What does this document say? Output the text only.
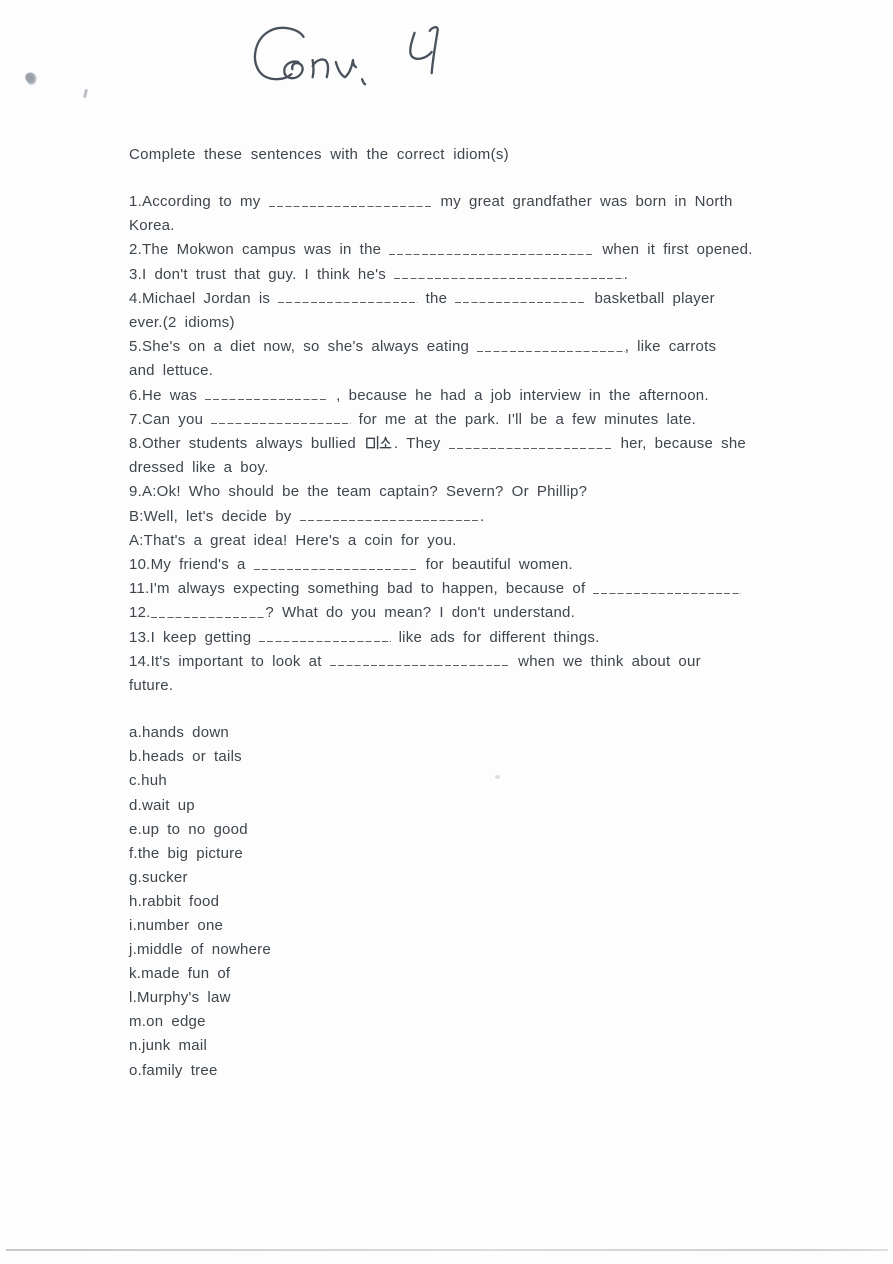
Complete these sentences with the correct idiom(s)

1.According to my	my great grandfather was born in North
Korea.

2.The Mokwon campus was in the	when it first opened.

3.I don't trust that guy. I think he's	.

4.Michael Jordan is	the	basketball player
ever.(2 idioms)

5.She's on a diet now, so she's always eating	, like carrots
and lettuce.

6.He was	, because he had a job interview in the afternoon.

7.Can you	for me at the park. I'll be a few minutes late.

8.Other students always bullied . They	her, because she
dressed like a boy.

9.A:Ok! Who should be the team captain? Severn? Or Phillip?

B:Well, let's decide by	.

A:That's a great idea! Here's a coin for you.

10.My friend's a	for beautiful women.

11.I'm always expecting something bad to happen, because of

12.	? What do you mean? I don't understand.

13.I keep getting	like ads for different things.

14.It's important to look at	when we think about our
future.

a.hands down

b.heads or tails

c.huh

d.wait up

e.up to no good

f.the big picture

g.sucker

h.rabbit food

i.number one

j.middle of nowhere

k.made fun of

l.Murphy's law

m.on edge

n.junk mail

o.family tree
